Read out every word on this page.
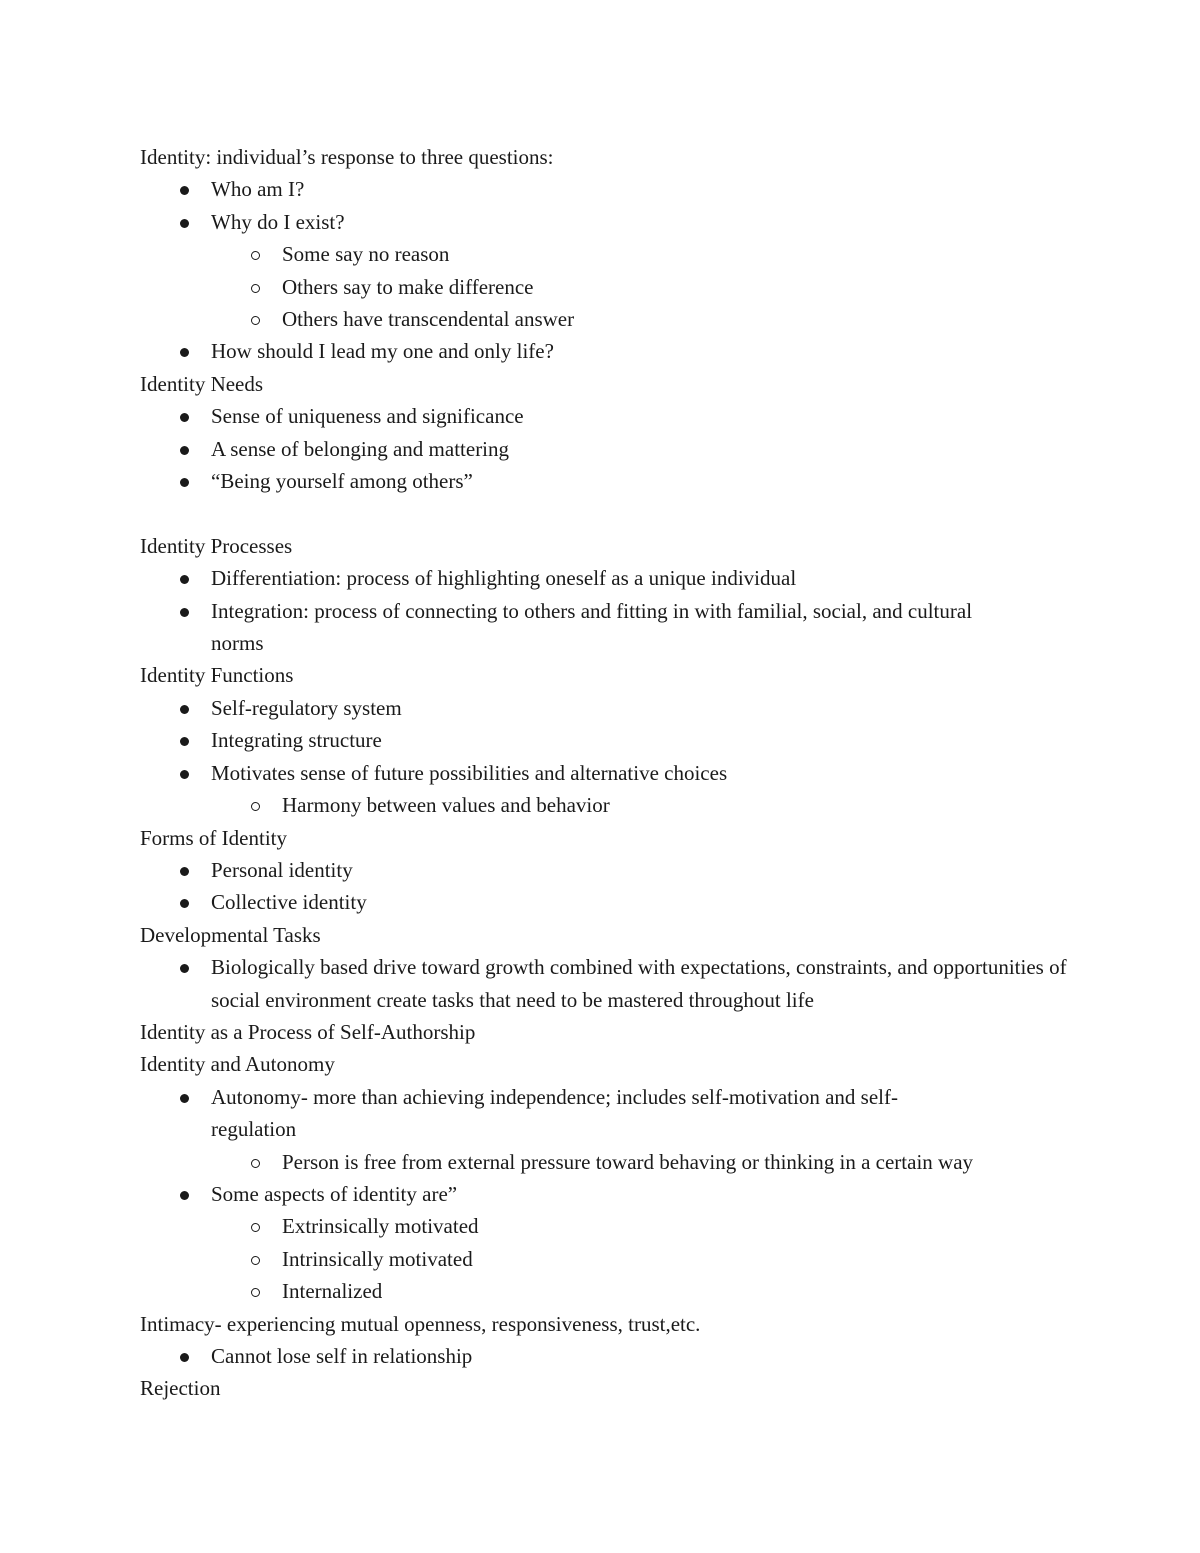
Identity: individual’s response to three questions:

Who am I?

Why do I exist?

Some say no reason

Others say to make difference

Others have transcendental answer

How should I lead my one and only life?

Identity Needs

Sense of uniqueness and significance

A sense of belonging and mattering

“Being yourself among others”

Identity Processes

Differentiation: process of highlighting oneself as a unique individual

Integration: process of connecting to others and fitting in with familial, social, and cultural norms

Identity Functions

Self-regulatory system

Integrating structure

Motivates sense of future possibilities and alternative choices

Harmony between values and behavior

Forms of Identity

Personal identity

Collective identity

Developmental Tasks

Biologically based drive toward growth combined with expectations, constraints, and opportunities of social environment create tasks that need to be mastered throughout life

Identity as a Process of Self-Authorship

Identity and Autonomy

Autonomy- more than achieving independence; includes self-motivation and self-regulation

Person is free from external pressure toward behaving or thinking in a certain way

Some aspects of identity are”

Extrinsically motivated

Intrinsically motivated

Internalized

Intimacy- experiencing mutual openness, responsiveness, trust,etc.

Cannot lose self in relationship

Rejection
